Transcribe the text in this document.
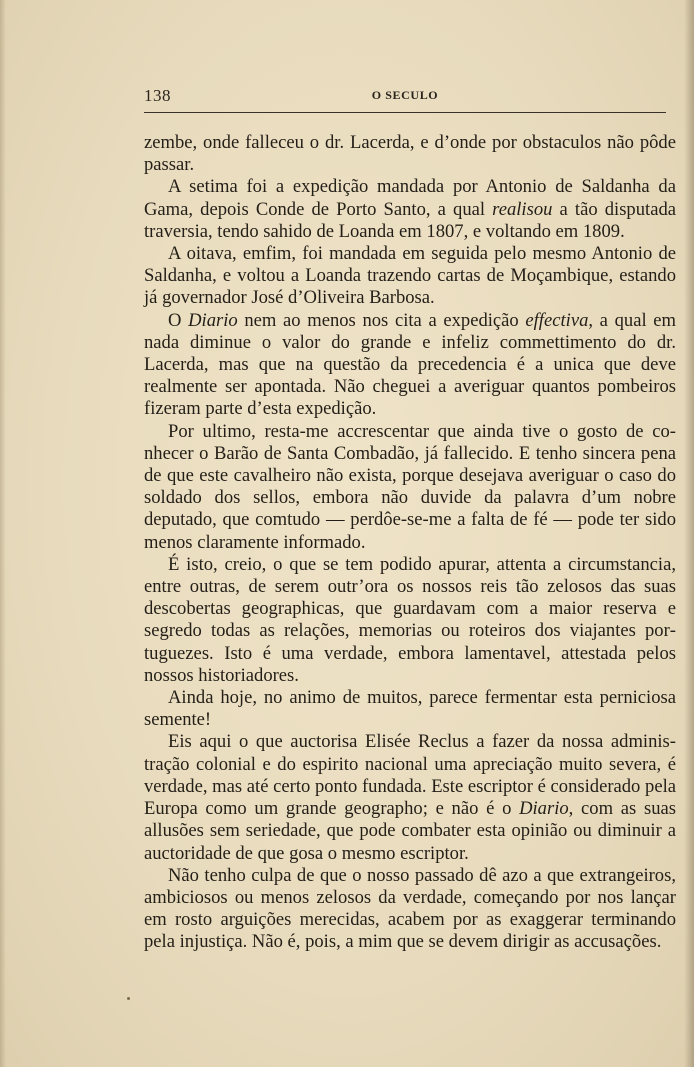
138	O SECULO

zembe, onde falleceu o dr. Lacerda, e d’onde por obstaculos não pôde passar.

A setima foi a expedição mandada por Antonio de Saldanha da Gama, depois Conde de Porto Santo, a qual realisou a tão disputada traversia, tendo sahido de Loanda em 1807, e voltando em 1809.

A oitava, emfim, foi mandada em seguida pelo mesmo Antonio de Saldanha, e voltou a Loanda trazendo cartas de Moçambique, estando já governador José d’Oliveira Barbosa.

O Diario nem ao menos nos cita a expedição effectiva, a qual em nada diminue o valor do grande e infeliz commettimento do dr. Lacerda, mas que na questão da precedencia é a unica que deve realmente ser apontada. Não cheguei a averiguar quantos pombeiros fizeram parte d’esta expedição.

Por ultimo, resta-me accrescentar que ainda tive o gosto de conhecer o Barão de Santa Combadão, já fallecido. E tenho sincera pena de que este cavalheiro não exista, porque desejava averiguar o caso do soldado dos sellos, embora não duvide da palavra d’um nobre deputado, que comtudo — perdôe-se-me a falta de fé — pode ter sido menos claramente informado.

É isto, creio, o que se tem podido apurar, attenta a circumstancia, entre outras, de serem outr’ora os nossos reis tão zelosos das suas descobertas geographicas, que guardavam com a maior reserva e segredo todas as relações, memorias ou roteiros dos viajantes portuguezes. Isto é uma verdade, embora lamentavel, attestada pelos nossos historiadores.

Ainda hoje, no animo de muitos, parece fermentar esta perniciosa semente!

Eis aqui o que auctorisa Elisée Reclus a fazer da nossa administração colonial e do espirito nacional uma apreciação muito severa, é verdade, mas até certo ponto fundada. Este escriptor é considerado pela Europa como um grande geographo; e não é o Diario, com as suas allusões sem seriedade, que pode combater esta opinião ou diminuir a auctoridade de que gosa o mesmo escriptor.

Não tenho culpa de que o nosso passado dê azo a que extrangeiros, ambiciosos ou menos zelosos da verdade, começando por nos lançar em rosto arguições merecidas, acabem por as exaggerar terminando pela injustiça. Não é, pois, a mim que se devem dirigir as accusações.
